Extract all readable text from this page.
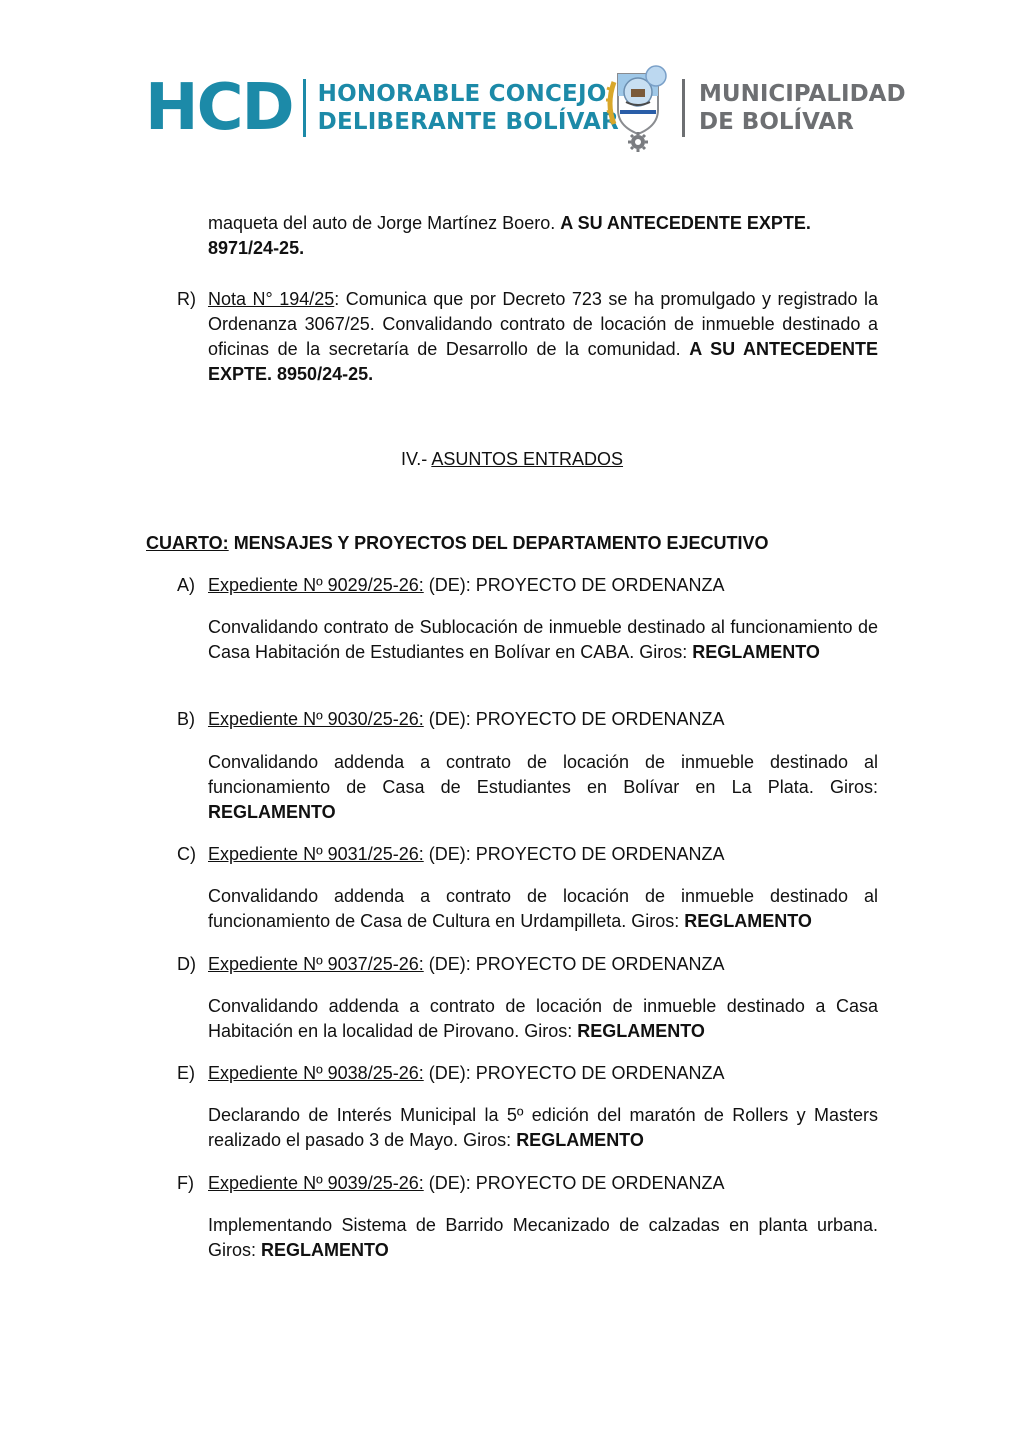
HCD HONORABLE CONCEJO
DELIBERANTE BOLÍVAR
MUNICIPALIDAD
DE BOLÍVAR
maqueta del auto de Jorge Martínez Boero. A SU ANTECEDENTE EXPTE.
8971/24-25.
R) Nota N° 194/25: Comunica que por Decreto 723 se ha promulgado y registrado la Ordenanza 3067/25. Convalidando contrato de locación de inmueble destinado a oficinas de la secretaría de Desarrollo de la comunidad. A SU ANTECEDENTE EXPTE. 8950/24-25.
IV.- ASUNTOS ENTRADOS
CUARTO: MENSAJES Y PROYECTOS DEL DEPARTAMENTO EJECUTIVO
A) Expediente Nº 9029/25-26: (DE): PROYECTO DE ORDENANZA
Convalidando contrato de Sublocación de inmueble destinado al funcionamiento de Casa Habitación de Estudiantes en Bolívar en CABA. Giros: REGLAMENTO
B) Expediente Nº 9030/25-26: (DE): PROYECTO DE ORDENANZA
Convalidando addenda a contrato de locación de inmueble destinado al funcionamiento de Casa de Estudiantes en Bolívar en La Plata. Giros: REGLAMENTO
C) Expediente Nº 9031/25-26: (DE): PROYECTO DE ORDENANZA
Convalidando addenda a contrato de locación de inmueble destinado al funcionamiento de Casa de Cultura en Urdampilleta. Giros: REGLAMENTO
D) Expediente Nº 9037/25-26: (DE): PROYECTO DE ORDENANZA
Convalidando addenda a contrato de locación de inmueble destinado a Casa Habitación en la localidad de Pirovano. Giros: REGLAMENTO
E) Expediente Nº 9038/25-26: (DE): PROYECTO DE ORDENANZA
Declarando de Interés Municipal la 5º edición del maratón de Rollers y Masters realizado el pasado 3 de Mayo. Giros: REGLAMENTO
F) Expediente Nº 9039/25-26: (DE): PROYECTO DE ORDENANZA
Implementando Sistema de Barrido Mecanizado de calzadas en planta urbana. Giros: REGLAMENTO
